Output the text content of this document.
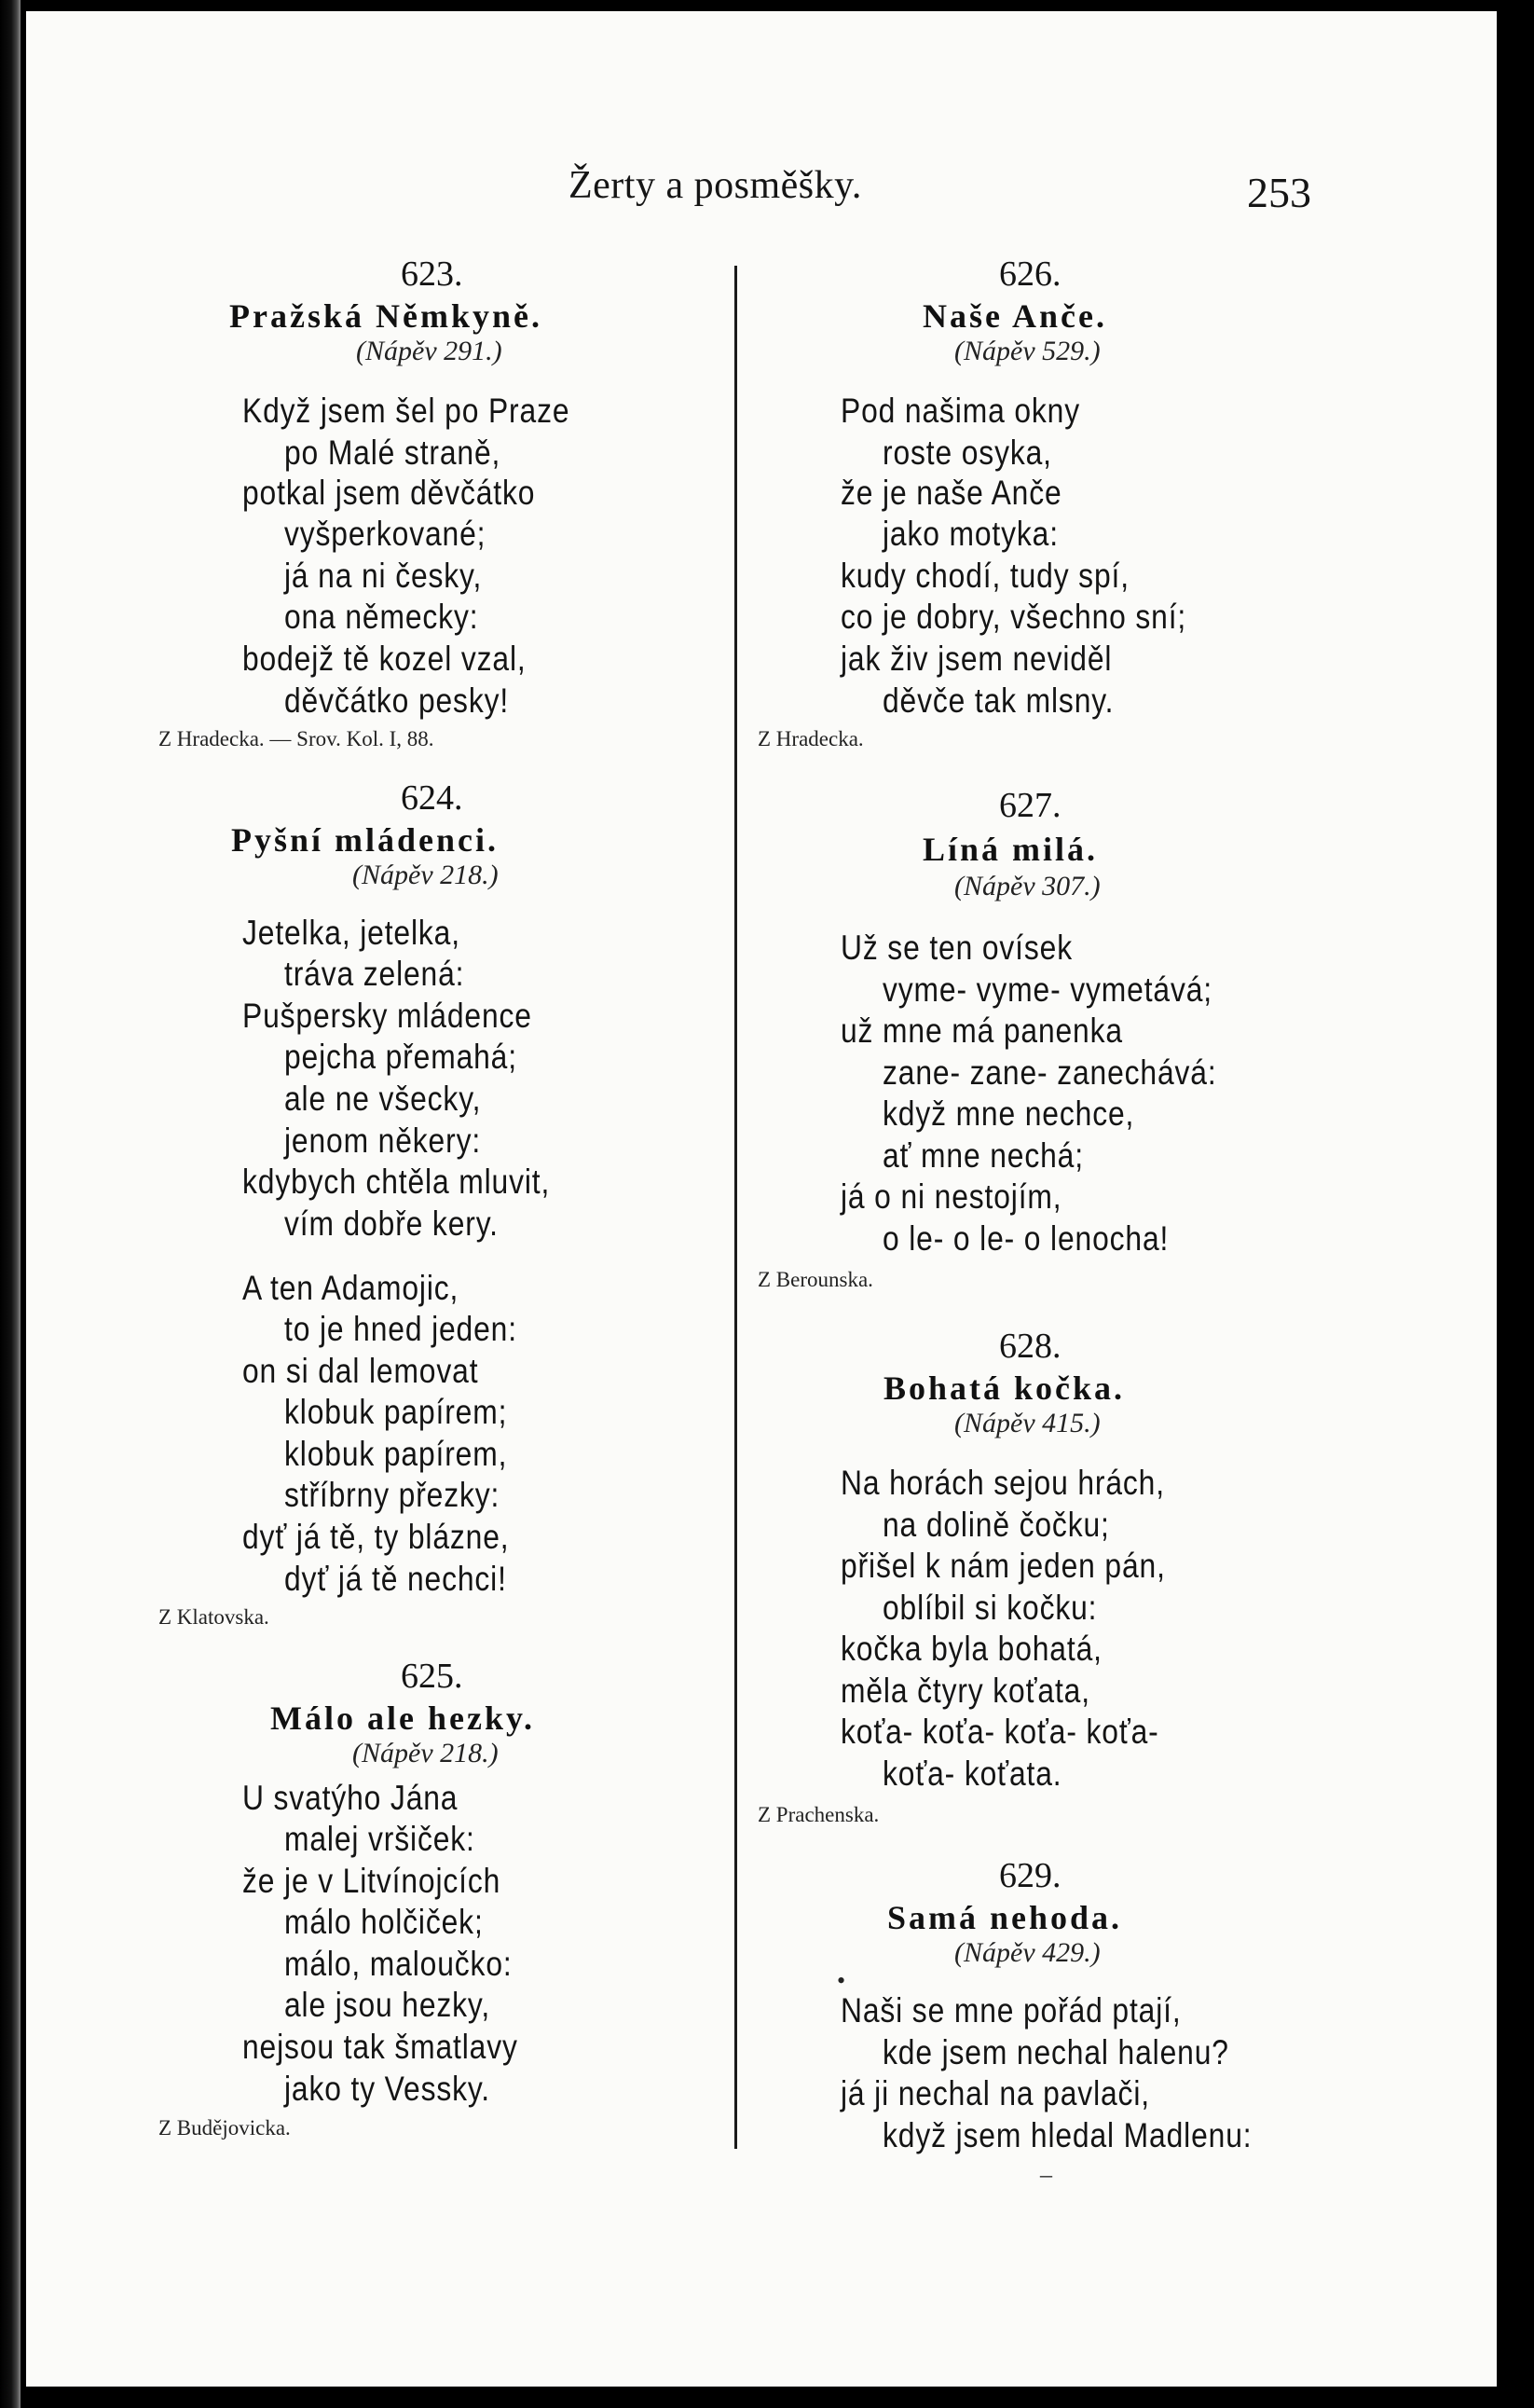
Žerty a posměšky.	253
623.
Pražská Němkyně.
(Nápěv 291.)
Když jsem šel po Praze
po Malé straně,
potkal jsem děvčátko
vyšperkované;
já na ni česky,
ona německy:
bodejž tě kozel vzal,
děvčátko pesky!
Z Hradecka. — Srov. Kol. I, 88.
624.
Pyšní mládenci.
(Nápěv 218.)
Jetelka, jetelka,
tráva zelená:
Pušpersky mládence
pejcha přemahá;
ale ne všecky,
jenom někery:
kdybych chtěla mluvit,
vím dobře kery.
A ten Adamojic,
to je hned jeden:
on si dal lemovat
klobuk papírem;
klobuk papírem,
stříbrny přezky:
dyť já tě, ty blázne,
dyť já tě nechci!
Z Klatovska.
625.
Málo ale hezky.
(Nápěv 218.)
U svatýho Jána
malej vršiček:
že je v Litvínojcích
málo holčiček;
málo, maloučko:
ale jsou hezky,
nejsou tak šmatlavy
jako ty Vessky.
Z Budějovicka.
626.
Naše Anče.
(Nápěv 529.)
Pod našima okny
roste osyka,
že je naše Anče
jako motyka:
kudy chodí, tudy spí,
co je dobry, všechno sní;
jak živ jsem neviděl
děvče tak mlsny.
Z Hradecka.
627.
Líná milá.
(Nápěv 307.)
Už se ten ovísek
vyme- vyme- vymetává;
už mne má panenka
zane- zane- zanechává:
když mne nechce,
ať mne nechá;
já o ni nestojím,
o le- o le- o lenocha!
Z Berounska.
628.
Bohatá kočka.
(Nápěv 415.)
Na horách sejou hrách,
na dolině čočku;
přišel k nám jeden pán,
oblíbil si kočku:
kočka byla bohatá,
měla čtyry koťata,
koťa- koťa- koťa- koťa-
koťa- koťata.
Z Prachenska.
629.
Samá nehoda.
(Nápěv 429.)
•
Naši se mne pořád ptají,
kde jsem nechal halenu?
já ji nechal na pavlači,
když jsem hledal Madlenu:
–
